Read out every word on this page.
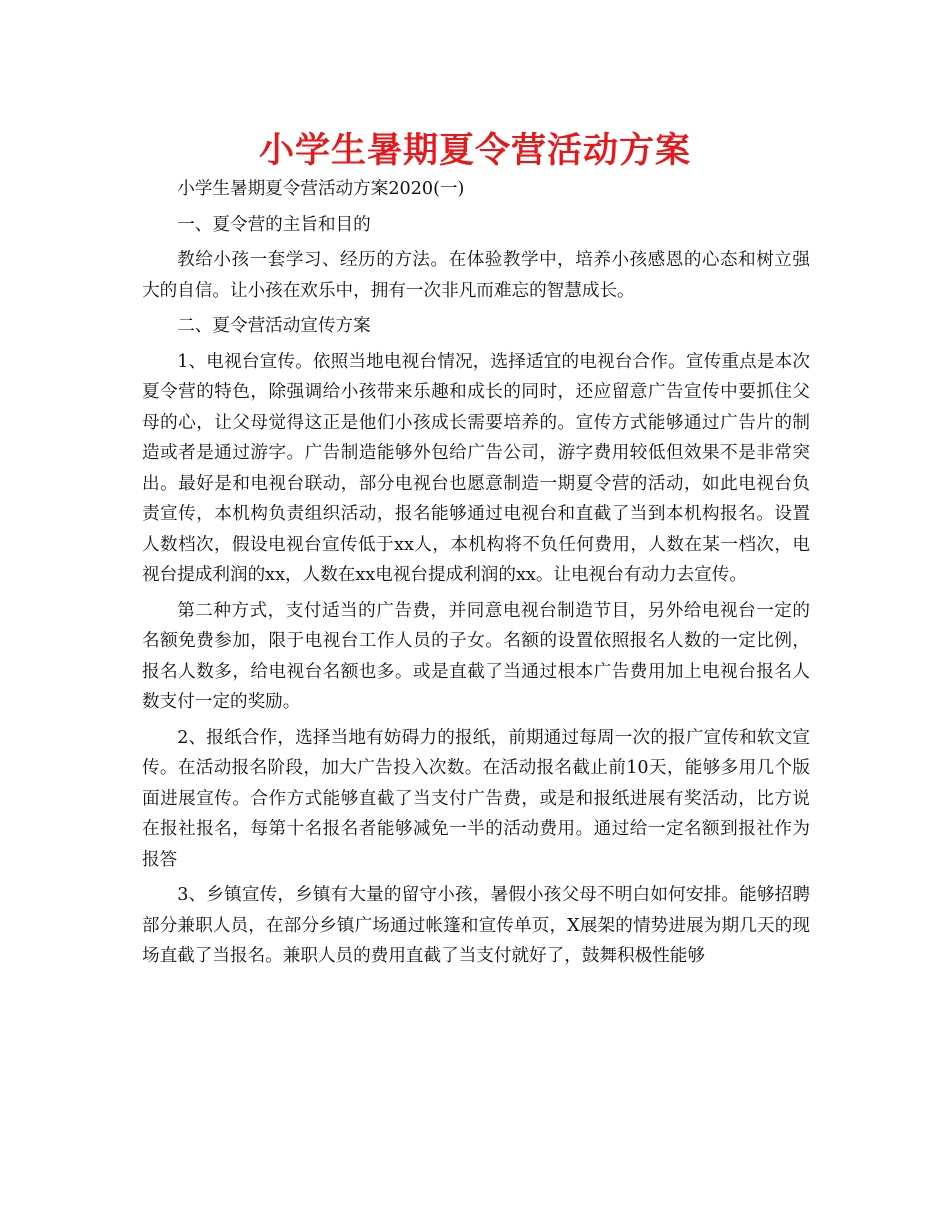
小学生暑期夏令营活动方案

小学生暑期夏令营活动方案2020(一)

一、夏令营的主旨和目的

教给小孩一套学习、经历的方法。在体验教学中，培养小孩感恩的心态和树立强大的自信。让小孩在欢乐中，拥有一次非凡而难忘的智慧成长。

二、夏令营活动宣传方案

1、电视台宣传。依照当地电视台情况，选择适宜的电视台合作。宣传重点是本次夏令营的特色，除强调给小孩带来乐趣和成长的同时，还应留意广告宣传中要抓住父母的心，让父母觉得这正是他们小孩成长需要培养的。宣传方式能够通过广告片的制造或者是通过游字。广告制造能够外包给广告公司，游字费用较低但效果不是非常突出。最好是和电视台联动，部分电视台也愿意制造一期夏令营的活动，如此电视台负责宣传，本机构负责组织活动，报名能够通过电视台和直截了当到本机构报名。设置人数档次，假设电视台宣传低于xx人，本机构将不负任何费用，人数在某一档次，电视台提成利润的xx，人数在xx电视台提成利润的xx。让电视台有动力去宣传。

第二种方式，支付适当的广告费，并同意电视台制造节目，另外给电视台一定的名额免费参加，限于电视台工作人员的子女。名额的设置依照报名人数的一定比例，报名人数多，给电视台名额也多。或是直截了当通过根本广告费用加上电视台报名人数支付一定的奖励。

2、报纸合作，选择当地有妨碍力的报纸，前期通过每周一次的报广宣传和软文宣传。在活动报名阶段，加大广告投入次数。在活动报名截止前10天，能够多用几个版面进展宣传。合作方式能够直截了当支付广告费，或是和报纸进展有奖活动，比方说在报社报名，每第十名报名者能够减免一半的活动费用。通过给一定名额到报社作为报答

3、乡镇宣传，乡镇有大量的留守小孩，暑假小孩父母不明白如何安排。能够招聘部分兼职人员，在部分乡镇广场通过帐篷和宣传单页，X展架的情势进展为期几天的现场直截了当报名。兼职人员的费用直截了当支付就好了，鼓舞积极性能够
